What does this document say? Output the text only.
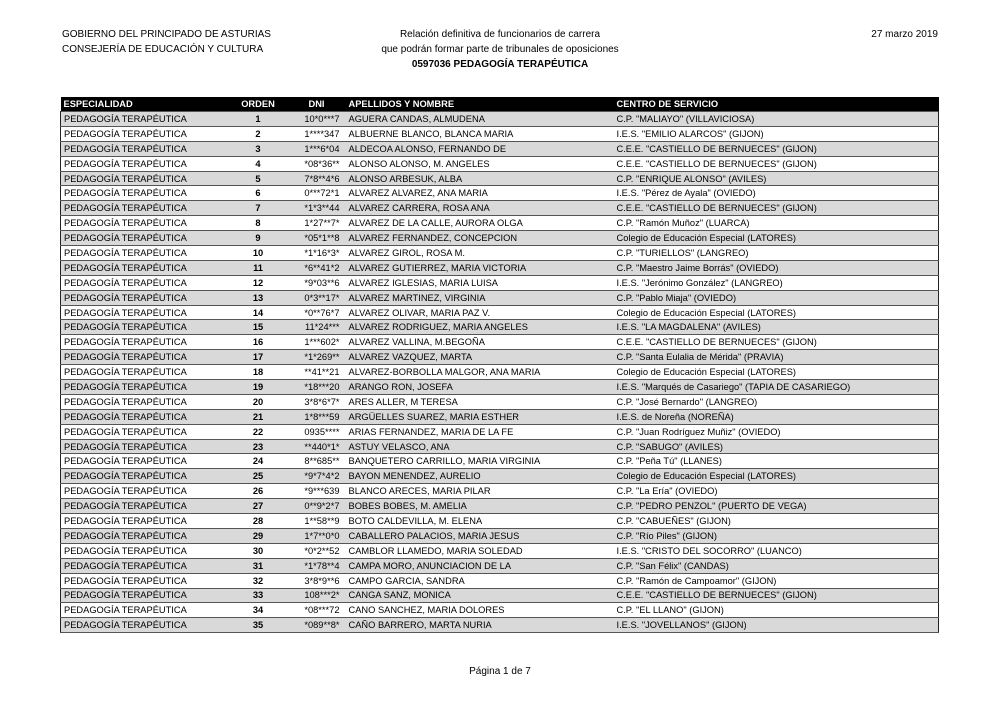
GOBIERNO DEL PRINCIPADO DE ASTURIAS
CONSEJERÍA DE EDUCACIÓN Y CULTURA
Relación definitiva de funcionarios de carrera
que podrán formar parte de tribunales de oposiciones
0597036 PEDAGOGÍA TERAPÉUTICA
27 marzo 2019
ESPECIALIDAD	ORDEN	DNI	APELLIDOS Y NOMBRE	CENTRO DE SERVICIO
PEDAGOGÍA TERAPÉUTICA	1	10*0***7	AGUERA CANDAS, ALMUDENA	C.P. "MALIAYO" (VILLAVICIOSA)
PEDAGOGÍA TERAPÉUTICA	2	1****347	ALBUERNE BLANCO, BLANCA MARIA	I.E.S. "EMILIO ALARCOS" (GIJON)
PEDAGOGÍA TERAPÉUTICA	3	1***6*04	ALDECOA ALONSO, FERNANDO DE	C.E.E. "CASTIELLO DE BERNUECES" (GIJON)
PEDAGOGÍA TERAPÉUTICA	4	*08*36**	ALONSO ALONSO, M. ANGELES	C.E.E. "CASTIELLO DE BERNUECES" (GIJON)
PEDAGOGÍA TERAPÉUTICA	5	7*8**4*6	ALONSO ARBESUK, ALBA	C.P. "ENRIQUE ALONSO" (AVILES)
PEDAGOGÍA TERAPÉUTICA	6	0***72*1	ALVAREZ ALVAREZ, ANA MARIA	I.E.S. "Pérez de Ayala" (OVIEDO)
PEDAGOGÍA TERAPÉUTICA	7	*1*3**44	ALVAREZ CARRERA, ROSA ANA	C.E.E. "CASTIELLO DE BERNUECES" (GIJON)
PEDAGOGÍA TERAPÉUTICA	8	1*27**7*	ALVAREZ DE LA CALLE, AURORA OLGA	C.P. "Ramón Muñoz" (LUARCA)
PEDAGOGÍA TERAPÉUTICA	9	*05*1**8	ALVAREZ FERNANDEZ, CONCEPCION	Colegio de Educación Especial (LATORES)
PEDAGOGÍA TERAPÉUTICA	10	*1*16*3*	ALVAREZ GIROL, ROSA M.	C.P. "TURIELLOS" (LANGREO)
PEDAGOGÍA TERAPÉUTICA	11	*6**41*2	ALVAREZ GUTIERREZ, MARIA VICTORIA	C.P. "Maestro Jaime Borrás" (OVIEDO)
PEDAGOGÍA TERAPÉUTICA	12	*9*03**6	ALVAREZ IGLESIAS, MARIA LUISA	I.E.S. "Jerónimo González" (LANGREO)
PEDAGOGÍA TERAPÉUTICA	13	0*3**17*	ALVAREZ MARTINEZ, VIRGINIA	C.P. "Pablo Miaja" (OVIEDO)
PEDAGOGÍA TERAPÉUTICA	14	*0**76*7	ALVAREZ OLIVAR, MARIA PAZ V.	Colegio de Educación Especial (LATORES)
PEDAGOGÍA TERAPÉUTICA	15	11*24***	ALVAREZ RODRIGUEZ, MARIA ANGELES	I.E.S. "LA MAGDALENA" (AVILES)
PEDAGOGÍA TERAPÉUTICA	16	1***602*	ALVAREZ VALLINA, M.BEGOÑA	C.E.E. "CASTIELLO DE BERNUECES" (GIJON)
PEDAGOGÍA TERAPÉUTICA	17	*1*269**	ALVAREZ VAZQUEZ, MARTA	C.P. "Santa Eulalia de Mérida" (PRAVIA)
PEDAGOGÍA TERAPÉUTICA	18	**41**21	ALVAREZ-BORBOLLA MALGOR, ANA MARIA	Colegio de Educación Especial (LATORES)
PEDAGOGÍA TERAPÉUTICA	19	*18***20	ARANGO RON, JOSEFA	I.E.S. "Marqués de Casariego" (TAPIA DE CASARIEGO)
PEDAGOGÍA TERAPÉUTICA	20	3*8*6*7*	ARES ALLER, M TERESA	C.P. "José Bernardo" (LANGREO)
PEDAGOGÍA TERAPÉUTICA	21	1*8***59	ARGÜELLES SUAREZ, MARIA ESTHER	I.E.S. de Noreña (NOREÑA)
PEDAGOGÍA TERAPÉUTICA	22	0935****	ARIAS FERNANDEZ, MARIA DE LA FE	C.P. "Juan Rodríguez Muñiz" (OVIEDO)
PEDAGOGÍA TERAPÉUTICA	23	**440*1*	ASTUY VELASCO, ANA	C.P. "SABUGO" (AVILES)
PEDAGOGÍA TERAPÉUTICA	24	8**685**	BANQUETERO CARRILLO, MARIA VIRGINIA	C.P. "Peña Tú" (LLANES)
PEDAGOGÍA TERAPÉUTICA	25	*9*7*4*2	BAYON MENENDEZ, AURELIO	Colegio de Educación Especial (LATORES)
PEDAGOGÍA TERAPÉUTICA	26	*9***639	BLANCO ARECES, MARIA PILAR	C.P. "La Ería" (OVIEDO)
PEDAGOGÍA TERAPÉUTICA	27	0**9*2*7	BOBES BOBES, M. AMELIA	C.P. "PEDRO PENZOL" (PUERTO DE VEGA)
PEDAGOGÍA TERAPÉUTICA	28	1**58**9	BOTO CALDEVILLA, M. ELENA	C.P. "CABUEÑES" (GIJON)
PEDAGOGÍA TERAPÉUTICA	29	1*7**0*0	CABALLERO PALACIOS, MARIA JESUS	C.P. "Río Piles" (GIJON)
PEDAGOGÍA TERAPÉUTICA	30	*0*2**52	CAMBLOR LLAMEDO, MARIA SOLEDAD	I.E.S. "CRISTO DEL SOCORRO" (LUANCO)
PEDAGOGÍA TERAPÉUTICA	31	*1*78**4	CAMPA MORO, ANUNCIACION DE LA	C.P. "San Félix" (CANDAS)
PEDAGOGÍA TERAPÉUTICA	32	3*8*9**6	CAMPO GARCIA, SANDRA	C.P. "Ramón de Campoamor" (GIJON)
PEDAGOGÍA TERAPÉUTICA	33	108***2*	CANGA SANZ, MONICA	C.E.E. "CASTIELLO DE BERNUECES" (GIJON)
PEDAGOGÍA TERAPÉUTICA	34	*08***72	CANO SANCHEZ, MARIA DOLORES	C.P. "EL LLANO" (GIJON)
PEDAGOGÍA TERAPÉUTICA	35	*089**8*	CAÑO BARRERO, MARTA NURIA	I.E.S. "JOVELLANOS" (GIJON)
Página 1 de 7
